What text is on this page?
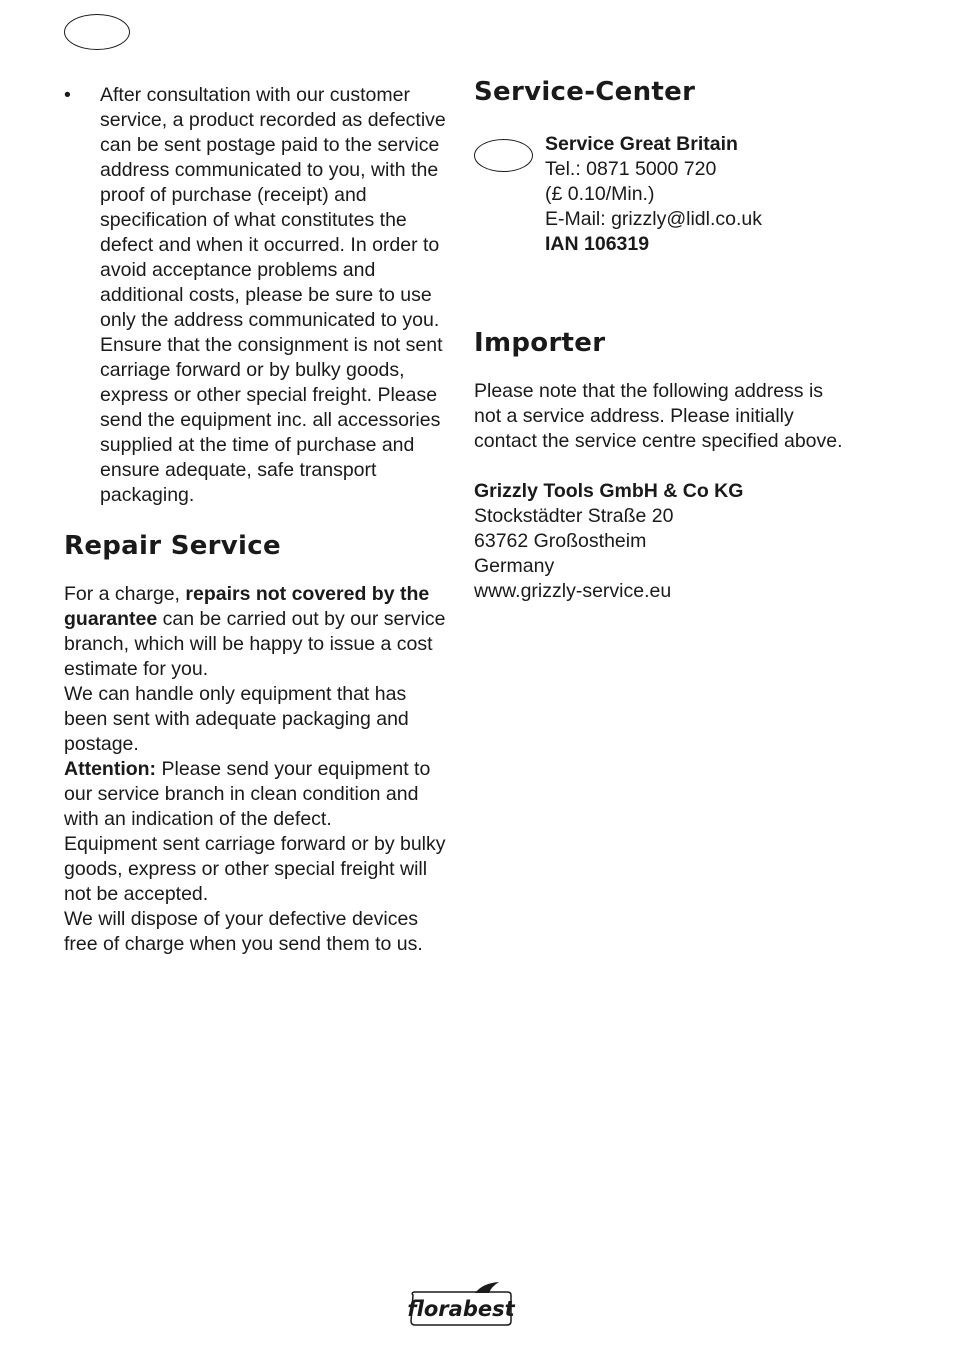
• After consultation with our customer service, a product recorded as defective can be sent postage paid to the service address communicated to you, with the proof of purchase (receipt) and specification of what constitutes the defect and when it occurred. In order to avoid acceptance problems and additional costs, please be sure to use only the address communicated to you. Ensure that the consignment is not sent carriage forward or by bulky goods, express or other special freight. Please send the equipment inc. all accessories supplied at the time of purchase and ensure adequate, safe transport packaging.
Repair Service

For a charge, repairs not covered by the guarantee can be carried out by our service branch, which will be happy to issue a cost estimate for you.

We can handle only equipment that has been sent with adequate packaging and postage.

Attention: Please send your equipment to our service branch in clean condition and with an indication of the defect.

Equipment sent carriage forward or by bulky goods, express or other special freight will not be accepted.

We will dispose of your defective devices free of charge when you send them to us.

Service-Center
Service Great Britain
Tel.: 0871 5000 720
(£ 0.10/Min.)
E-Mail: grizzly@lidl.co.uk
IAN 106319
Importer

Please note that the following address is not a service address. Please initially contact the service centre specified above.

Grizzly Tools GmbH & Co KG
Stockstädter Straße 20
63762 Großostheim
Germany
www.grizzly-service.eu
florabest
